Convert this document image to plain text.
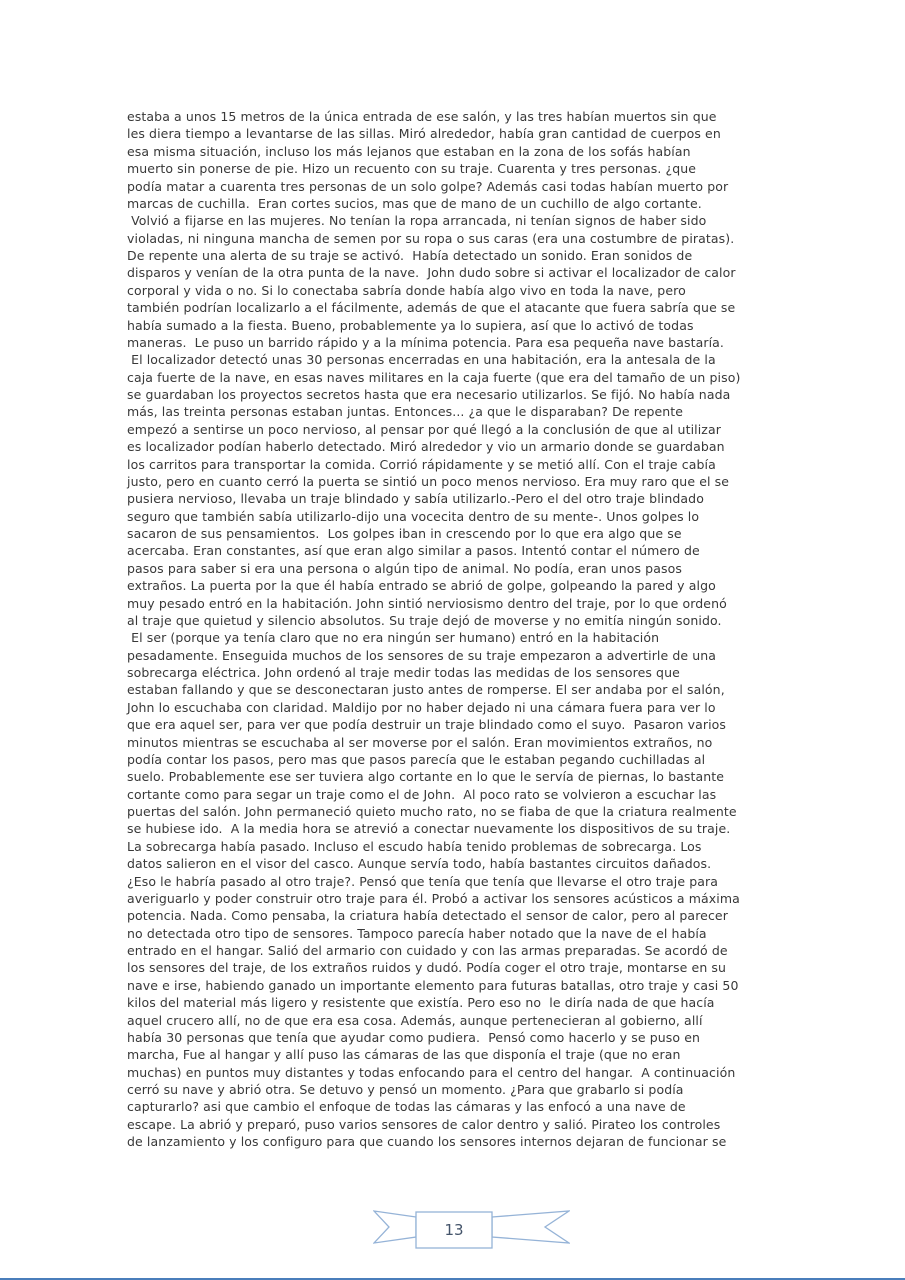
estaba a unos 15 metros de la única entrada de ese salón, y las tres habían muertos sin que
les diera tiempo a levantarse de las sillas. Miró alrededor, había gran cantidad de cuerpos en
esa misma situación, incluso los más lejanos que estaban en la zona de los sofás habían
muerto sin ponerse de pie. Hizo un recuento con su traje. Cuarenta y tres personas. ¿que
podía matar a cuarenta tres personas de un solo golpe? Además casi todas habían muerto por
marcas de cuchilla.  Eran cortes sucios, mas que de mano de un cuchillo de algo cortante.
Volvió a fijarse en las mujeres. No tenían la ropa arrancada, ni tenían signos de haber sido
violadas, ni ninguna mancha de semen por su ropa o sus caras (era una costumbre de piratas).
De repente una alerta de su traje se activó.  Había detectado un sonido. Eran sonidos de
disparos y venían de la otra punta de la nave.  John dudo sobre si activar el localizador de calor
corporal y vida o no. Si lo conectaba sabría donde había algo vivo en toda la nave, pero
también podrían localizarlo a el fácilmente, además de que el atacante que fuera sabría que se
había sumado a la fiesta. Bueno, probablemente ya lo supiera, así que lo activó de todas
maneras.  Le puso un barrido rápido y a la mínima potencia. Para esa pequeña nave bastaría.
El localizador detectó unas 30 personas encerradas en una habitación, era la antesala de la
caja fuerte de la nave, en esas naves militares en la caja fuerte (que era del tamaño de un piso)
se guardaban los proyectos secretos hasta que era necesario utilizarlos. Se fijó. No había nada
más, las treinta personas estaban juntas. Entonces... ¿a que le disparaban? De repente
empezó a sentirse un poco nervioso, al pensar por qué llegó a la conclusión de que al utilizar
es localizador podían haberlo detectado. Miró alrededor y vio un armario donde se guardaban
los carritos para transportar la comida. Corrió rápidamente y se metió allí. Con el traje cabía
justo, pero en cuanto cerró la puerta se sintió un poco menos nervioso. Era muy raro que el se
pusiera nervioso, llevaba un traje blindado y sabía utilizarlo.-Pero el del otro traje blindado
seguro que también sabía utilizarlo-dijo una vocecita dentro de su mente-. Unos golpes lo
sacaron de sus pensamientos.  Los golpes iban in crescendo por lo que era algo que se
acercaba. Eran constantes, así que eran algo similar a pasos. Intentó contar el número de
pasos para saber si era una persona o algún tipo de animal. No podía, eran unos pasos
extraños. La puerta por la que él había entrado se abrió de golpe, golpeando la pared y algo
muy pesado entró en la habitación. John sintió nerviosismo dentro del traje, por lo que ordenó
al traje que quietud y silencio absolutos. Su traje dejó de moverse y no emitía ningún sonido.
El ser (porque ya tenía claro que no era ningún ser humano) entró en la habitación
pesadamente. Enseguida muchos de los sensores de su traje empezaron a advertirle de una
sobrecarga eléctrica. John ordenó al traje medir todas las medidas de los sensores que
estaban fallando y que se desconectaran justo antes de romperse. El ser andaba por el salón,
John lo escuchaba con claridad. Maldijo por no haber dejado ni una cámara fuera para ver lo
que era aquel ser, para ver que podía destruir un traje blindado como el suyo.  Pasaron varios
minutos mientras se escuchaba al ser moverse por el salón. Eran movimientos extraños, no
podía contar los pasos, pero mas que pasos parecía que le estaban pegando cuchilladas al
suelo. Probablemente ese ser tuviera algo cortante en lo que le servía de piernas, lo bastante
cortante como para segar un traje como el de John.  Al poco rato se volvieron a escuchar las
puertas del salón. John permaneció quieto mucho rato, no se fiaba de que la criatura realmente
se hubiese ido.  A la media hora se atrevió a conectar nuevamente los dispositivos de su traje.
La sobrecarga había pasado. Incluso el escudo había tenido problemas de sobrecarga. Los
datos salieron en el visor del casco. Aunque servía todo, había bastantes circuitos dañados.
¿Eso le habría pasado al otro traje?. Pensó que tenía que tenía que llevarse el otro traje para
averiguarlo y poder construir otro traje para él. Probó a activar los sensores acústicos a máxima
potencia. Nada. Como pensaba, la criatura había detectado el sensor de calor, pero al parecer
no detectada otro tipo de sensores. Tampoco parecía haber notado que la nave de el había
entrado en el hangar. Salió del armario con cuidado y con las armas preparadas. Se acordó de
los sensores del traje, de los extraños ruidos y dudó. Podía coger el otro traje, montarse en su
nave e irse, habiendo ganado un importante elemento para futuras batallas, otro traje y casi 50
kilos del material más ligero y resistente que existía. Pero eso no  le diría nada de que hacía
aquel crucero allí, no de que era esa cosa. Además, aunque pertenecieran al gobierno, allí
había 30 personas que tenía que ayudar como pudiera.  Pensó como hacerlo y se puso en
marcha, Fue al hangar y allí puso las cámaras de las que disponía el traje (que no eran
muchas) en puntos muy distantes y todas enfocando para el centro del hangar.  A continuación
cerró su nave y abrió otra. Se detuvo y pensó un momento. ¿Para que grabarlo si podía
capturarlo? asi que cambio el enfoque de todas las cámaras y las enfocó a una nave de
escape. La abrió y preparó, puso varios sensores de calor dentro y salió. Pirateo los controles
de lanzamiento y los configuro para que cuando los sensores internos dejaran de funcionar se
13
